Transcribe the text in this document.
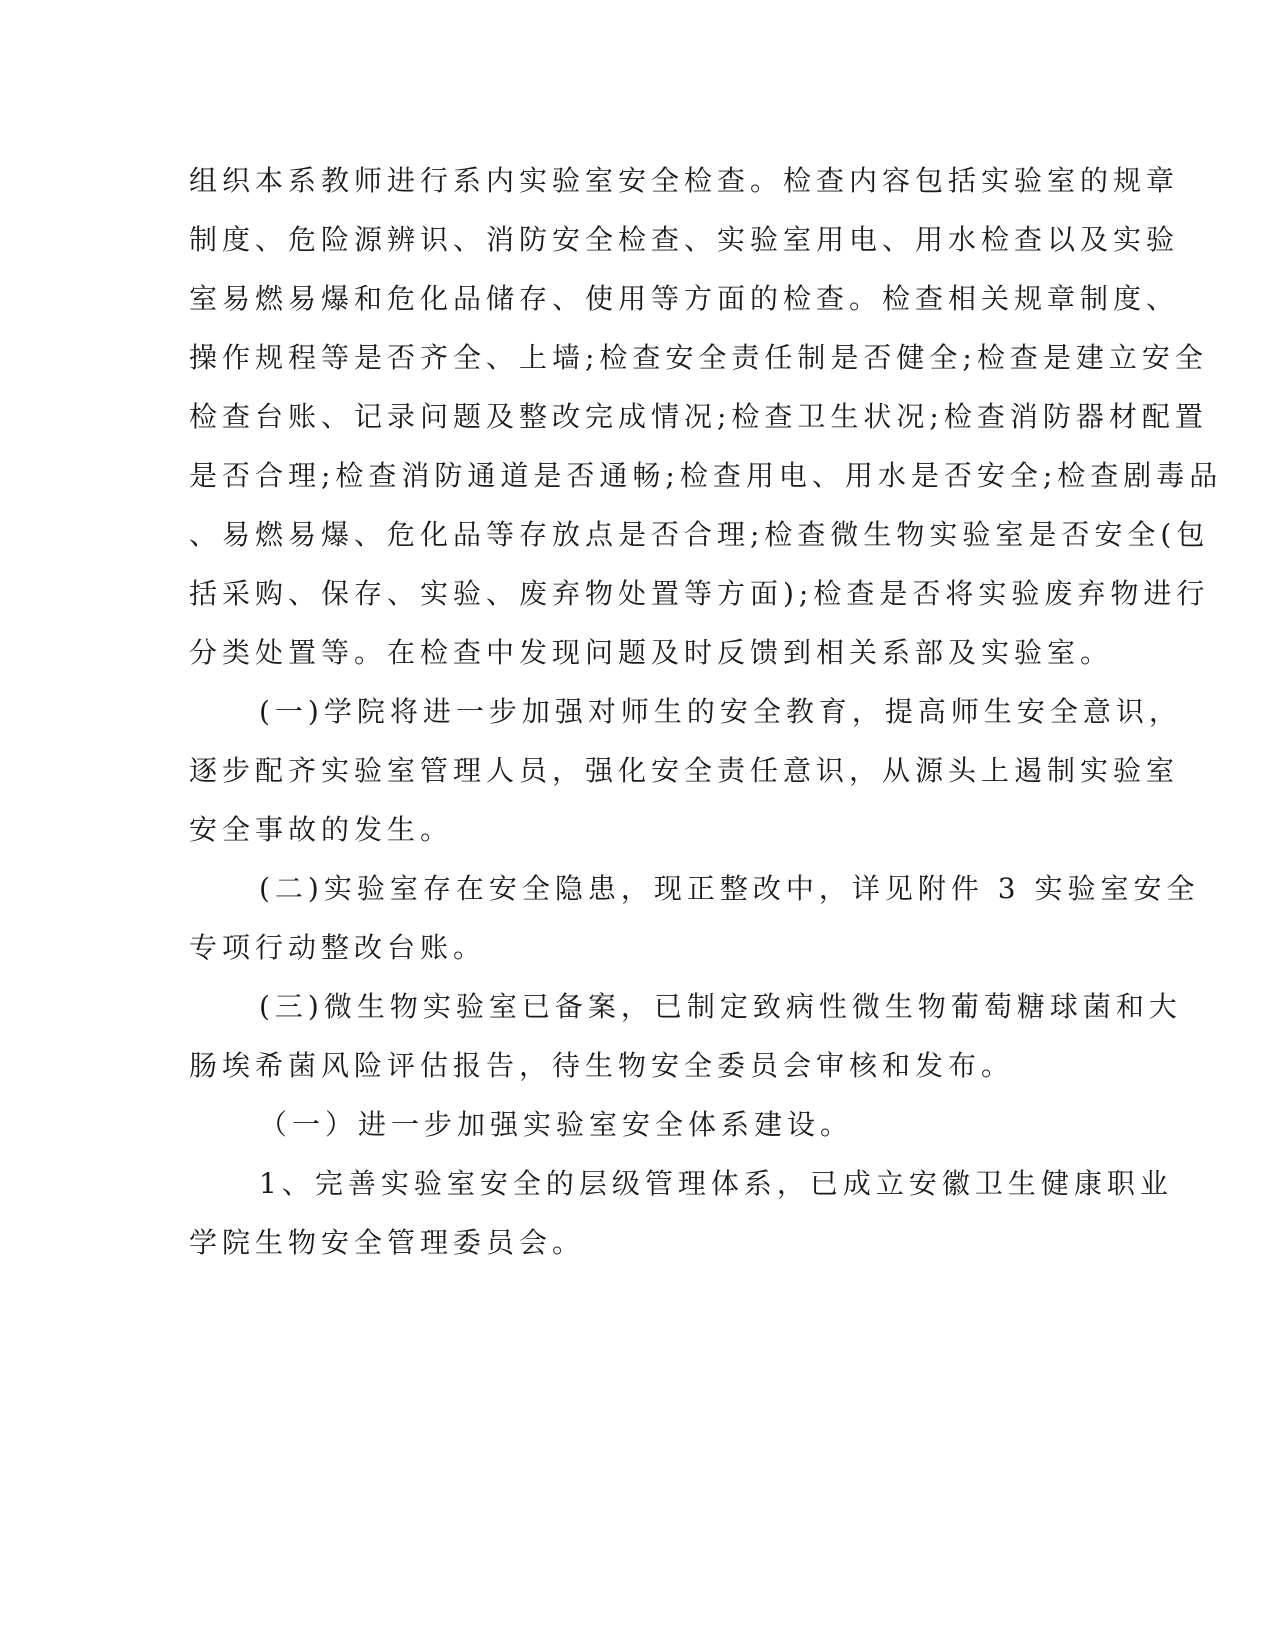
组织本系教师进行系内实验室安全检查。检查内容包括实验室的规章
制度、危险源辨识、消防安全检查、实验室用电、用水检查以及实验
室易燃易爆和危化品储存、使用等方面的检查。检查相关规章制度、
操作规程等是否齐全、上墙;检查安全责任制是否健全;检查是建立安全
检查台账、记录问题及整改完成情况;检查卫生状况;检查消防器材配置
是否合理;检查消防通道是否通畅;检查用电、用水是否安全;检查剧毒品
、易燃易爆、危化品等存放点是否合理;检查微生物实验室是否安全(包
括采购、保存、实验、废弃物处置等方面);检查是否将实验废弃物进行
分类处置等。在检查中发现问题及时反馈到相关系部及实验室。
(一)学院将进一步加强对师生的安全教育，提高师生安全意识，
逐步配齐实验室管理人员，强化安全责任意识，从源头上遏制实验室
安全事故的发生。
(二)实验室存在安全隐患，现正整改中，详见附件 3 实验室安全
专项行动整改台账。
(三)微生物实验室已备案，已制定致病性微生物葡萄糖球菌和大
肠埃希菌风险评估报告，待生物安全委员会审核和发布。
（一）进一步加强实验室安全体系建设。
1、完善实验室安全的层级管理体系，已成立安徽卫生健康职业
学院生物安全管理委员会。
